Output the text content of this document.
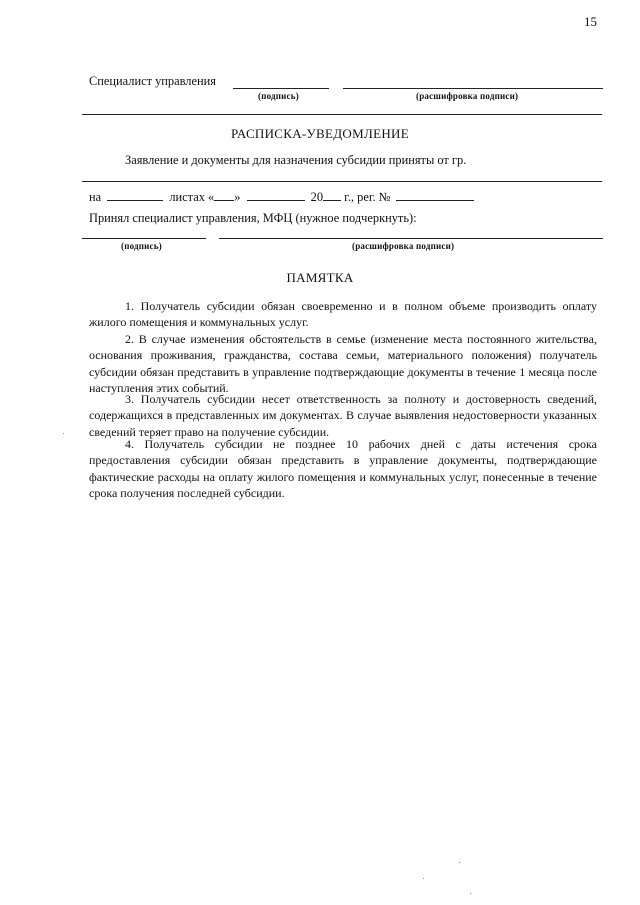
15
Специалист управления
(подпись)	(расшифровка подписи)
РАСПИСКА-УВЕДОМЛЕНИЕ
Заявление и документы для назначения субсидии приняты от гр.
на	листах « »	20 г., рег. №
Принял специалист управления, МФЦ (нужное подчеркнуть):
(подпись)	(расшифровка подписи)
ПАМЯТКА
1. Получатель субсидии обязан своевременно и в полном объеме производить оплату жилого помещения и коммунальных услуг.
2. В случае изменения обстоятельств в семье (изменение места постоянного жительства, основания проживания, гражданства, состава семьи, материального положения) получатель субсидии обязан представить в управление подтверждающие документы в течение 1 месяца после наступления этих событий.
3. Получатель субсидии несет ответственность за полноту и достоверность сведений, содержащихся в представленных им документах. В случае выявления недостоверности указанных сведений теряет право на получение субсидии.
4. Получатель субсидии не позднее 10 рабочих дней с даты истечения срока предоставления субсидии обязан представить в управление документы, подтверждающие фактические расходы на оплату жилого помещения и коммунальных услуг, понесенные в течение срока получения последней субсидии.
